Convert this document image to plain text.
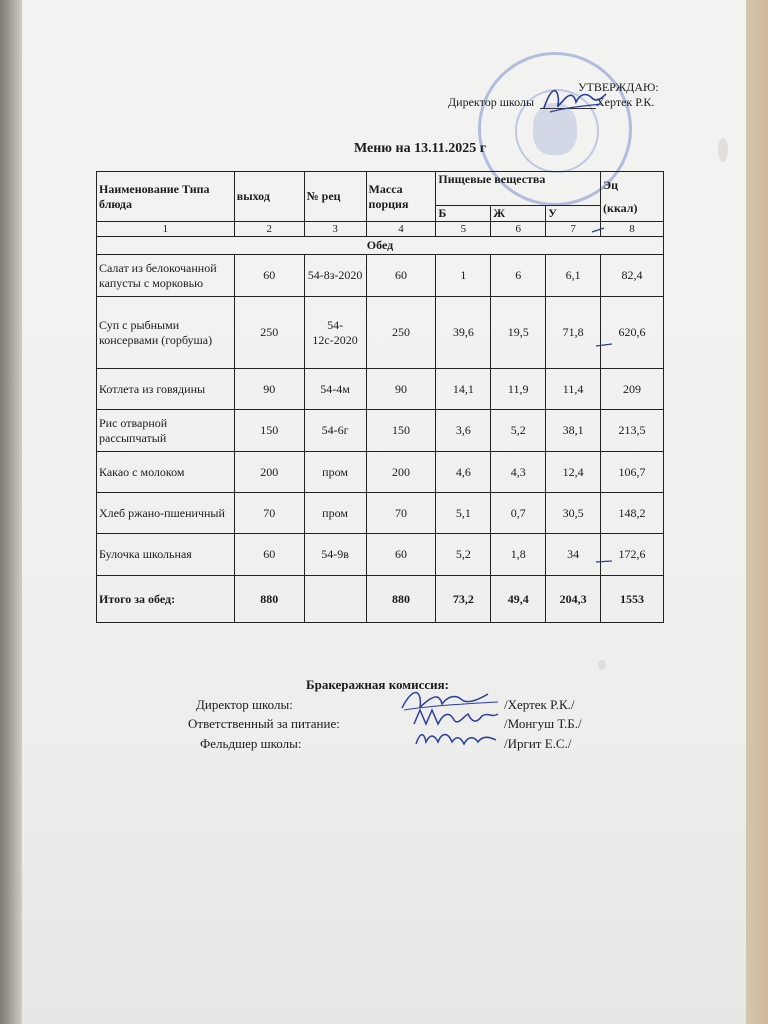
УТВЕРЖДАЮ:
Директор школы	Хертек Р.К.
Меню на 13.11.2025 г
Наименование Типа блюда	выход	№ рец	Масса порция	Пищевые вещества			Эц
(ккал)

				Б	Ж	У	
1	2	3	4	5	6	7	8
Обед							
Салат из белокочанной капусты с морковью	60	54-8з-2020	60	1	6	6,1	82,4
Суп с рыбными консервами (горбуша)	250	54-12с-2020	250	39,6	19,5	71,8	620,6
Котлета из говядины	90	54-4м	90	14,1	11,9	11,4	209
Рис отварной рассыпчатый	150	54-6г	150	3,6	5,2	38,1	213,5
Какао с молоком	200	пром	200	4,6	4,3	12,4	106,7
Хлеб ржано-пшеничный	70	пром	70	5,1	0,7	30,5	148,2
Булочка школьная	60	54-9в	60	5,2	1,8	34	172,6
Итого за обед:	880		880	73,2	49,4	204,3	1553
Бракеражная комиссия:
Директор школы:	/Хертек Р.К./
Ответственный за питание:	/Монгуш Т.Б./
Фельдшер школы:	/Иргит Е.С./
